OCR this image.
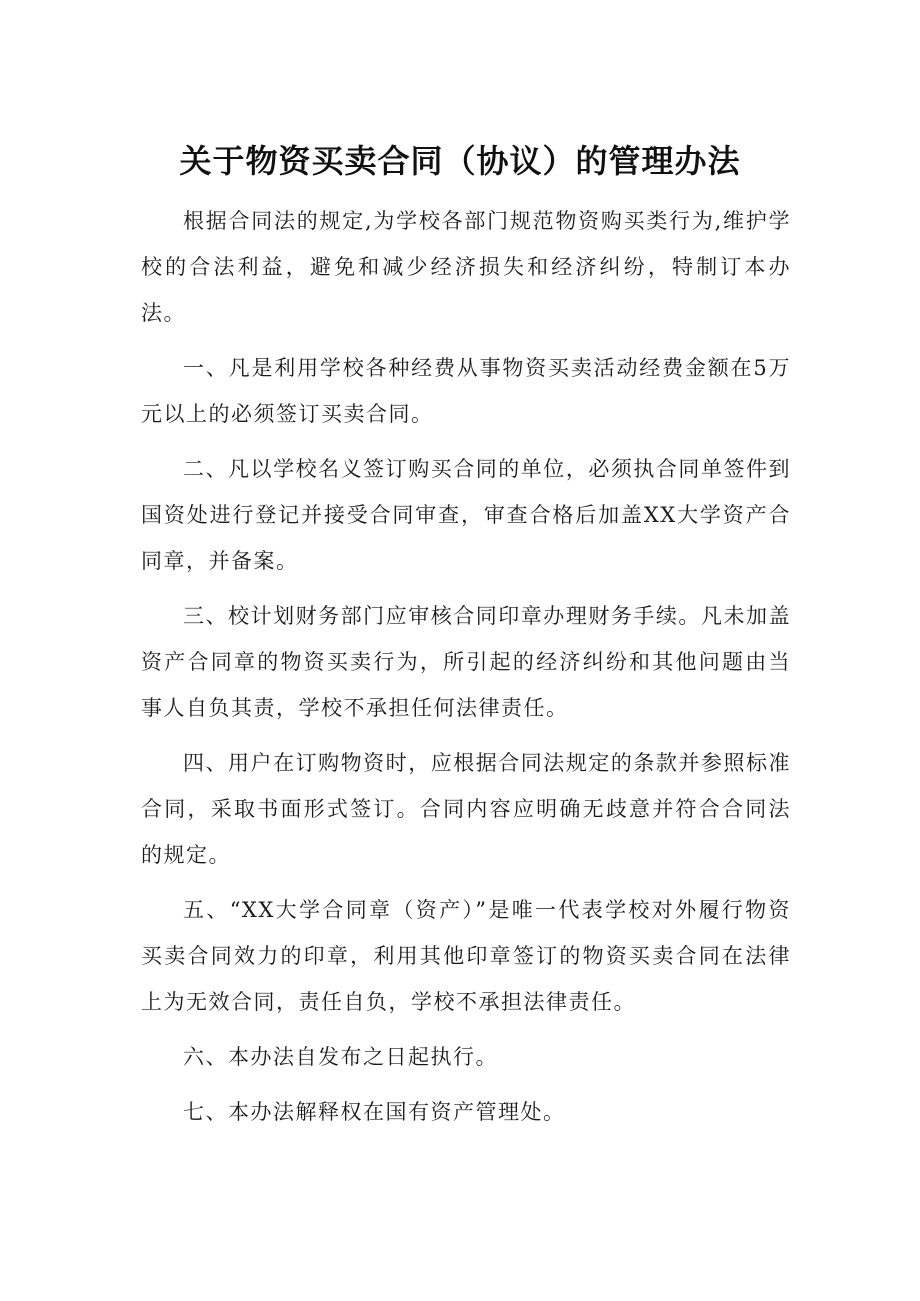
关于物资买卖合同（协议）的管理办法

根据合同法的规定,为学校各部门规范物资购买类行为,维护学校的合法利益，避免和减少经济损失和经济纠纷，特制订本办法。

一、凡是利用学校各种经费从事物资买卖活动经费金额在5万元以上的必须签订买卖合同。

二、凡以学校名义签订购买合同的单位，必须执合同单签件到国资处进行登记并接受合同审查，审查合格后加盖XX大学资产合同章，并备案。

三、校计划财务部门应审核合同印章办理财务手续。凡未加盖资产合同章的物资买卖行为，所引起的经济纠纷和其他问题由当事人自负其责，学校不承担任何法律责任。

四、用户在订购物资时，应根据合同法规定的条款并参照标准合同，采取书面形式签订。合同内容应明确无歧意并符合合同法的规定。

五、“XX大学合同章（资产）”是唯一代表学校对外履行物资买卖合同效力的印章，利用其他印章签订的物资买卖合同在法律上为无效合同，责任自负，学校不承担法律责任。

六、本办法自发布之日起执行。

七、本办法解释权在国有资产管理处。
